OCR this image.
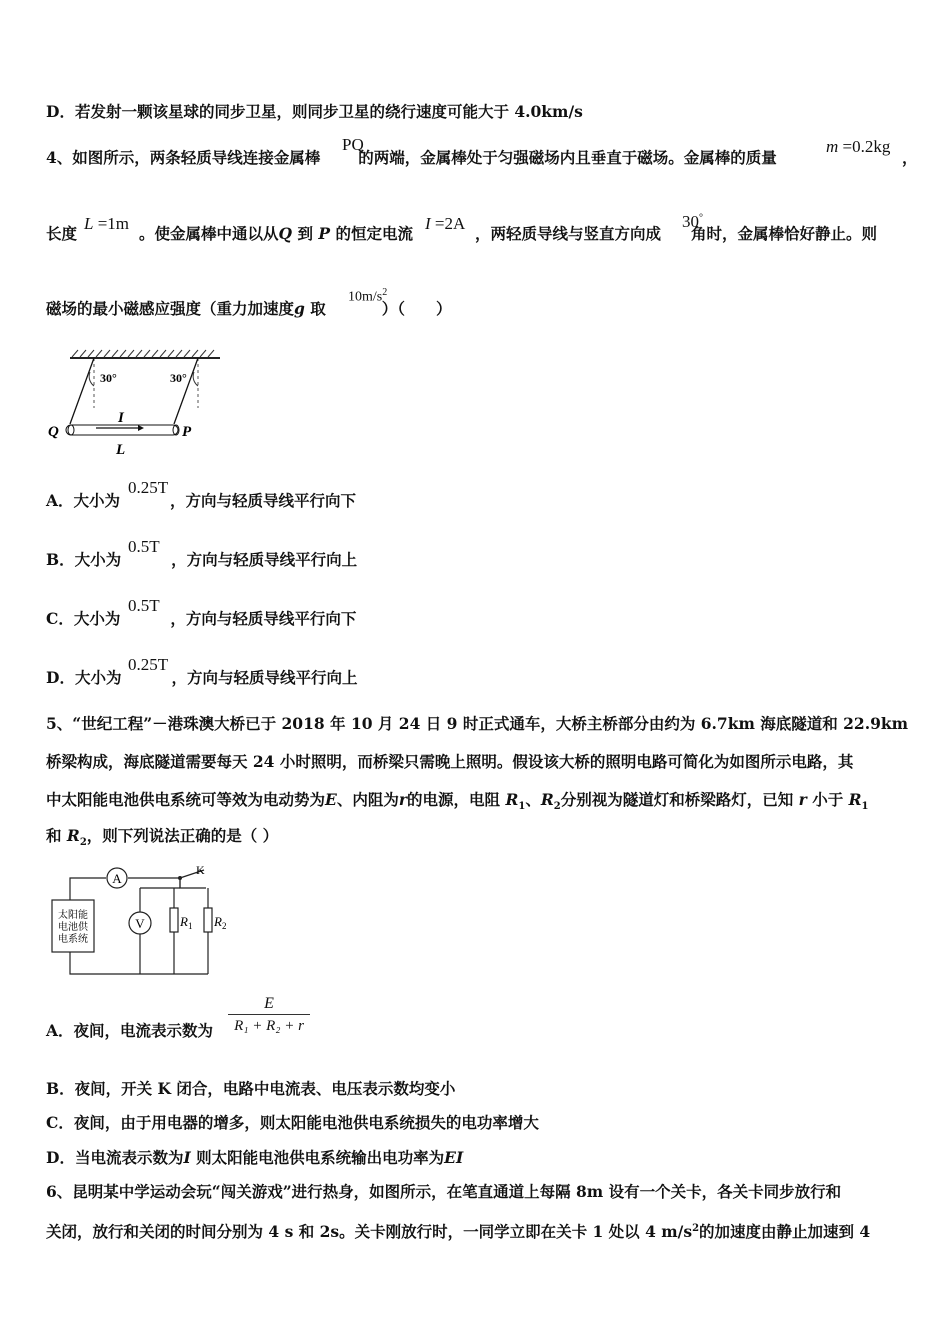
D．若发射一颗该星球的同步卫星，则同步卫星的绕行速度可能大于 4.0km/s
4、如图所示，两条轻质导线连接金属棒 的两端，金属棒处于匀强磁场内且垂直于磁场。金属棒的质量
PQ	m =0.2kg
，
长度	。使金属棒中通以从Q 到 P 的恒定电流	，两轻质导线与竖直方向成 角时，金属棒恰好静止。则
L =1m	I =2A	30°
磁场的最小磁感应强度（重力加速度g 取	）（　　）
$10m/s^2$
30°	30°
I
L
Q	P
A．大小为	，方向与轻质导线平行向下
0.25T
B．大小为	，方向与轻质导线平行向上
0.5T
C．大小为	，方向与轻质导线平行向下
0.5T
D．大小为	，方向与轻质导线平行向上
0.25T
5、“世纪工程”－港珠澳大桥已于 2018 年 10 月 24 日 9 时正式通车，大桥主桥部分由约为 6.7km 海底隧道和 22.9km
桥梁构成，海底隧道需要每天 24 小时照明，而桥梁只需晚上照明。假设该大桥的照明电路可简化为如图所示电路，其
中太阳能电池供电系统可等效为电动势为E、内阻为r的电源，电阻 $R_1$、$R_2$分别视为隧道灯和桥梁路灯，已知 r 小于 $R_1$
和 $R_2$，则下列说法正确的是（ ）
K
太阳能
电池供
电系统
A
V	$R_1$ $R_2$
A．夜间，电流表示数为 $\frac{E}{\text{R₁ + R₂ + r}}$
B．夜间，开关 K 闭合，电路中电流表、电压表示数均变小
C．夜间，由于用电器的增多，则太阳能电池供电系统损失的电功率增大
D．当电流表示数为I 则太阳能电池供电系统输出电功率为EI
6、昆明某中学运动会玩“闯关游戏”进行热身，如图所示，在笔直通道上每隔 8m 设有一个关卡，各关卡同步放行和
关闭，放行和关闭的时间分别为 4 s 和 2s。关卡刚放行时，一同学立即在关卡 1 处以 4 $m/s^2$的加速度由静止加速到 4
